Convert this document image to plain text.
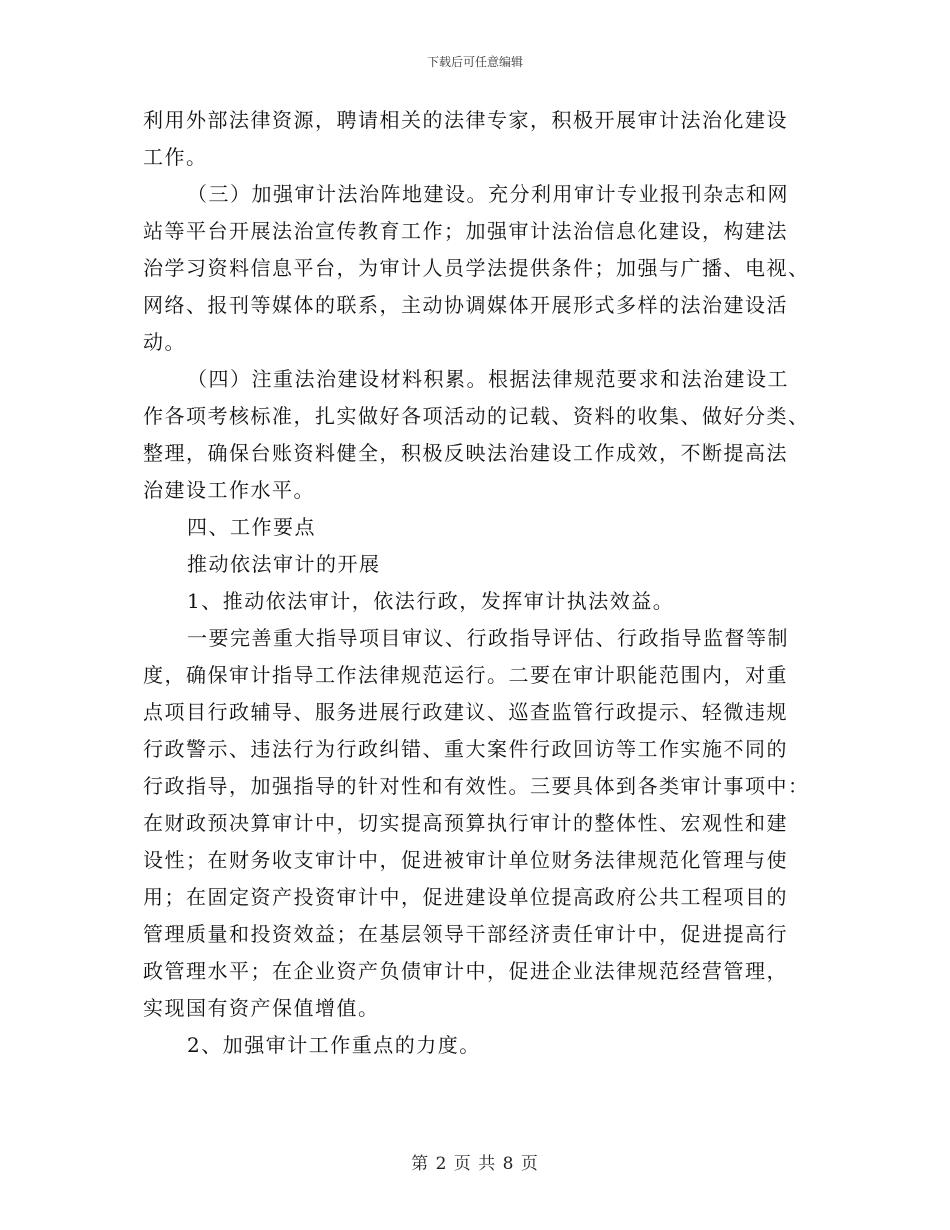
下载后可任意编辑
利用外部法律资源，聘请相关的法律专家，积极开展审计法治化建设
工作。
（三）加强审计法治阵地建设。充分利用审计专业报刊杂志和网
站等平台开展法治宣传教育工作；加强审计法治信息化建设，构建法
治学习资料信息平台，为审计人员学法提供条件；加强与广播、电视、
网络、报刊等媒体的联系，主动协调媒体开展形式多样的法治建设活
动。
（四）注重法治建设材料积累。根据法律规范要求和法治建设工
作各项考核标准，扎实做好各项活动的记载、资料的收集、做好分类、
整理，确保台账资料健全，积极反映法治建设工作成效，不断提高法
治建设工作水平。
四、工作要点
推动依法审计的开展
1、推动依法审计，依法行政，发挥审计执法效益。
一要完善重大指导项目审议、行政指导评估、行政指导监督等制
度，确保审计指导工作法律规范运行。二要在审计职能范围内，对重
点项目行政辅导、服务进展行政建议、巡查监管行政提示、轻微违规
行政警示、违法行为行政纠错、重大案件行政回访等工作实施不同的
行政指导，加强指导的针对性和有效性。三要具体到各类审计事项中：
在财政预决算审计中，切实提高预算执行审计的整体性、宏观性和建
设性；在财务收支审计中，促进被审计单位财务法律规范化管理与使
用；在固定资产投资审计中，促进建设单位提高政府公共工程项目的
管理质量和投资效益；在基层领导干部经济责任审计中，促进提高行
政管理水平；在企业资产负债审计中，促进企业法律规范经营管理，
实现国有资产保值增值。
2、加强审计工作重点的力度。
第 2 页 共 8 页
